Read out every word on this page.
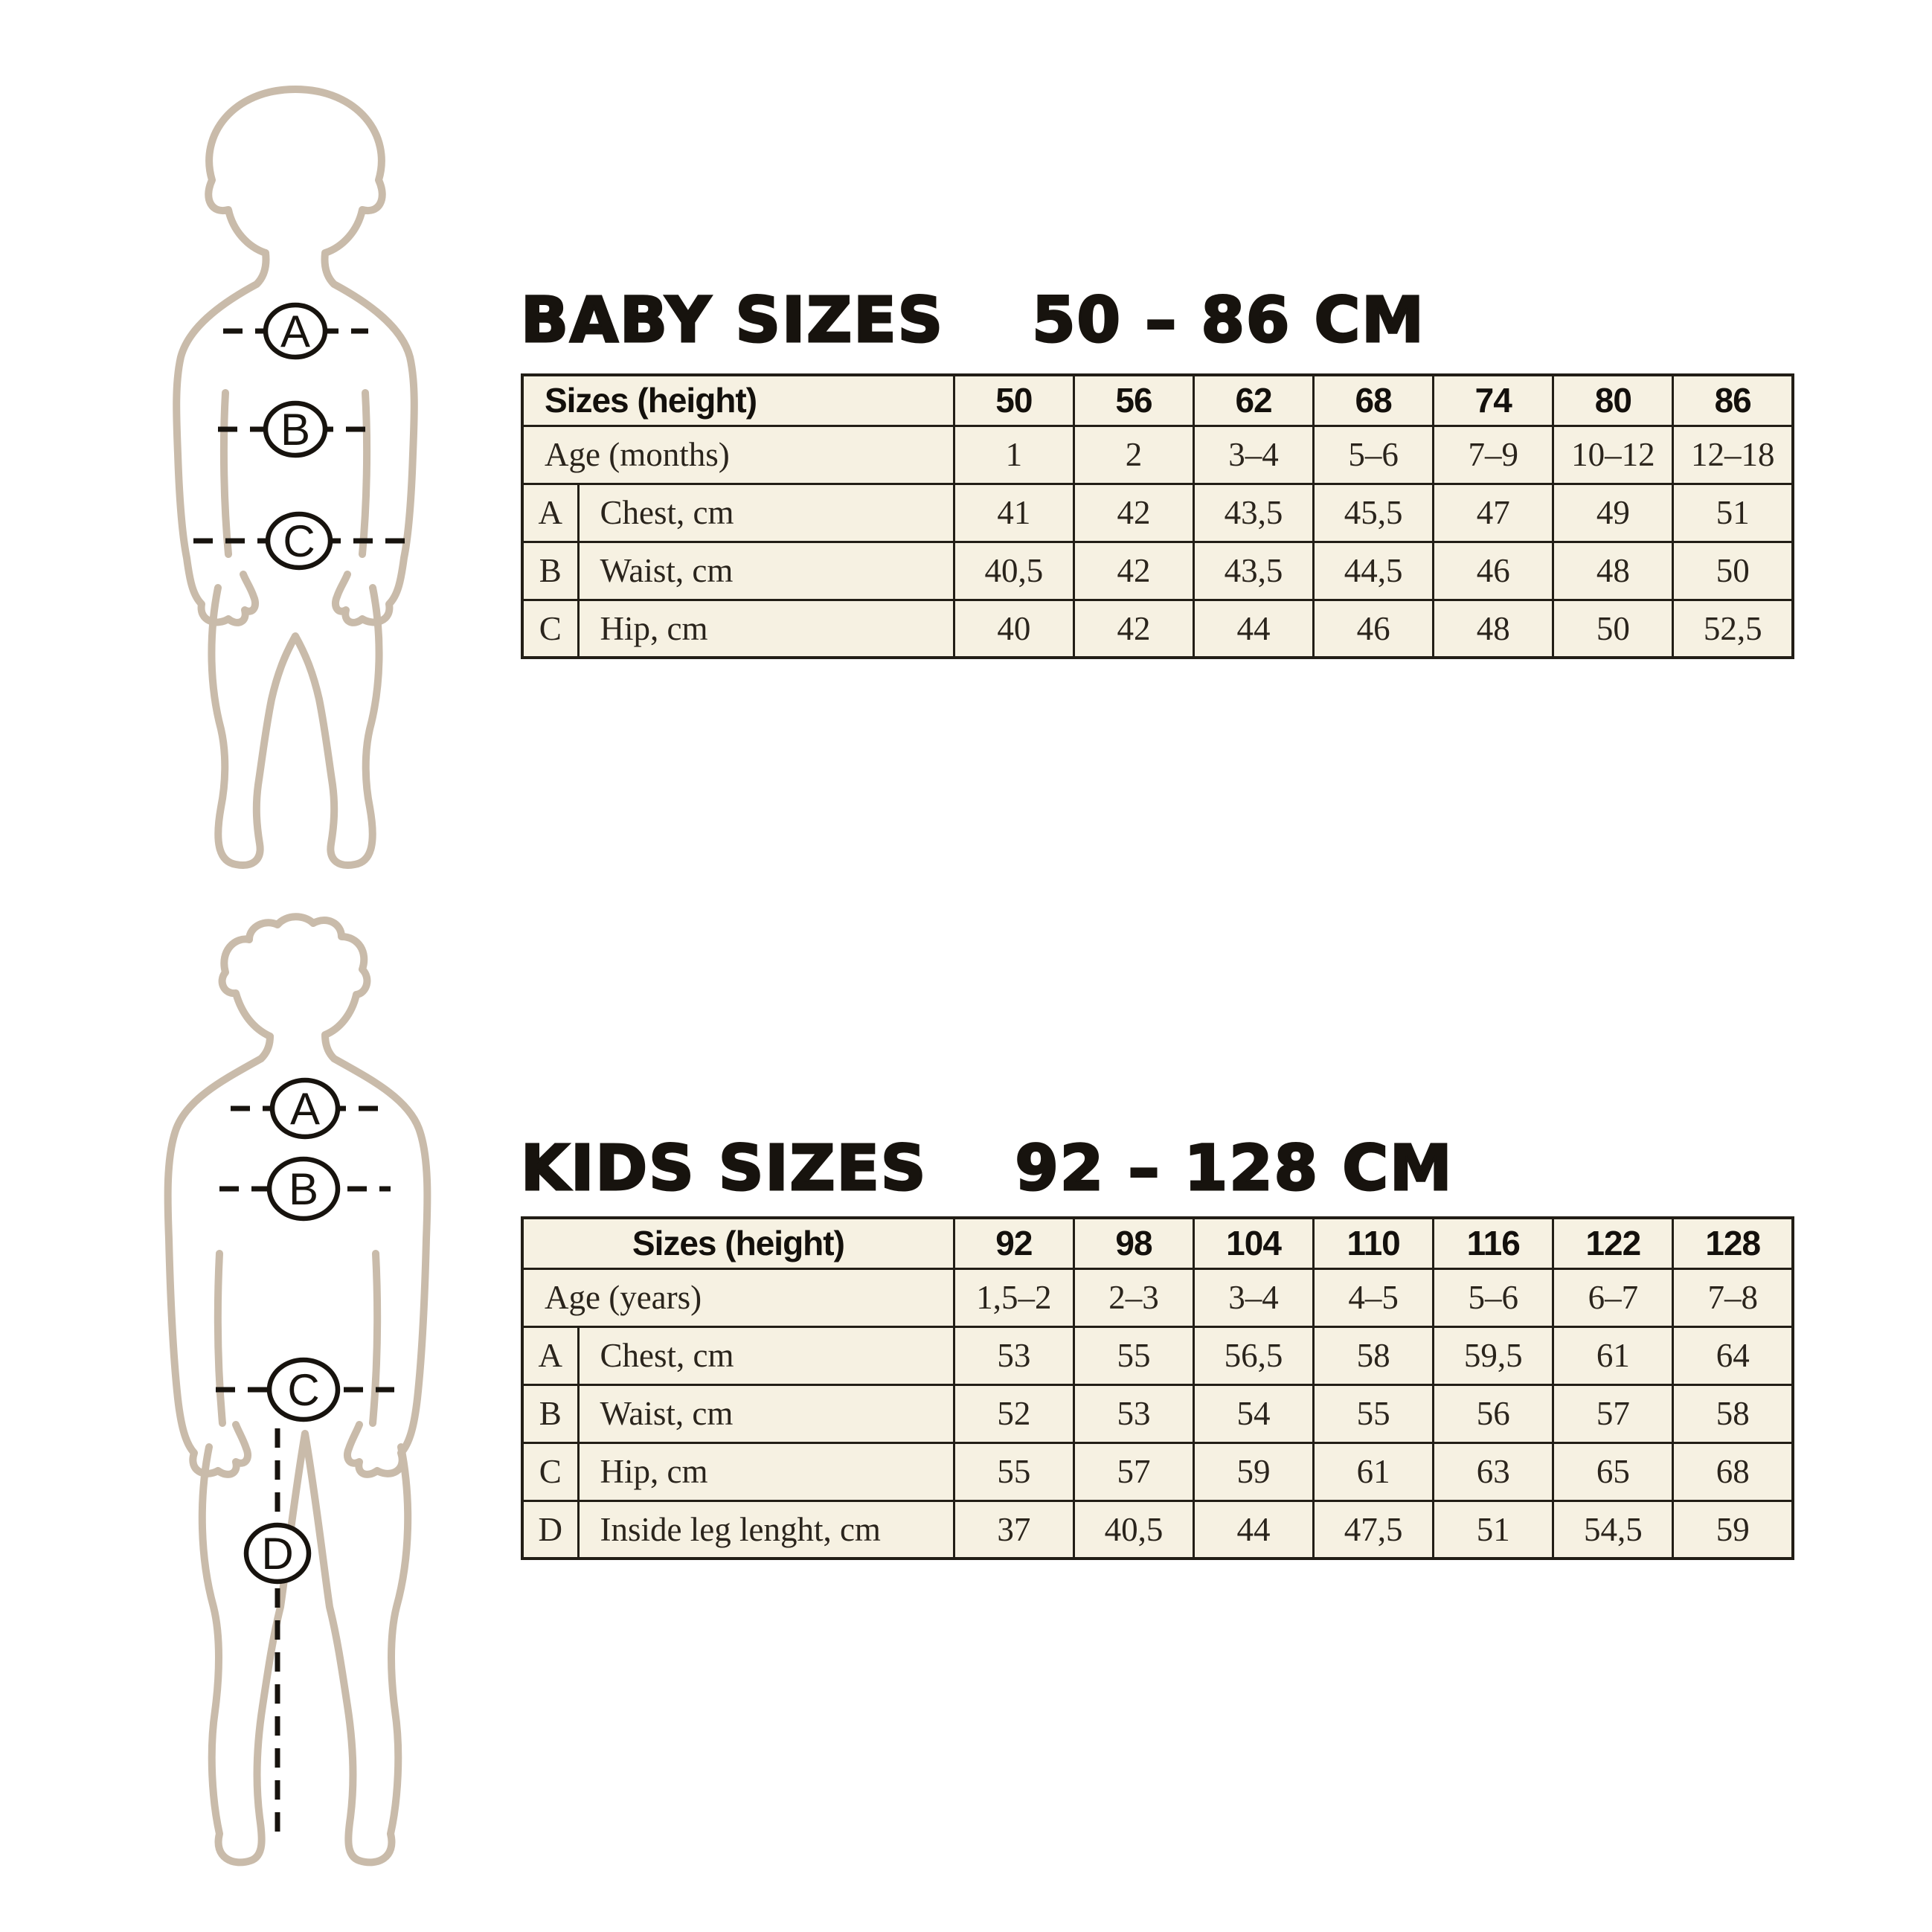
A
B
C
BABY SIZES 50 – 86 CM
Sizes (height)		50	56	62	68	74	80	86
Age (months)		1	2	3–4	5–6	7–9	10–12	12–18
A	Chest, cm	41	42	43,5	45,5	47	49	51
B	Waist, cm	40,5	42	43,5	44,5	46	48	50
C	Hip, cm	40	42	44	46	48	50	52,5
A
B
C
D
KIDS SIZES 92 – 128 CM
Sizes (height)		92	98	104	110	116	122	128
Age (years)		1,5–2	2–3	3–4	4–5	5–6	6–7	7–8
A	Chest, cm	53	55	56,5	58	59,5	61	64
B	Waist, cm	52	53	54	55	56	57	58
C	Hip, cm	55	57	59	61	63	65	68
D	Inside leg lenght, cm	37	40,5	44	47,5	51	54,5	59
